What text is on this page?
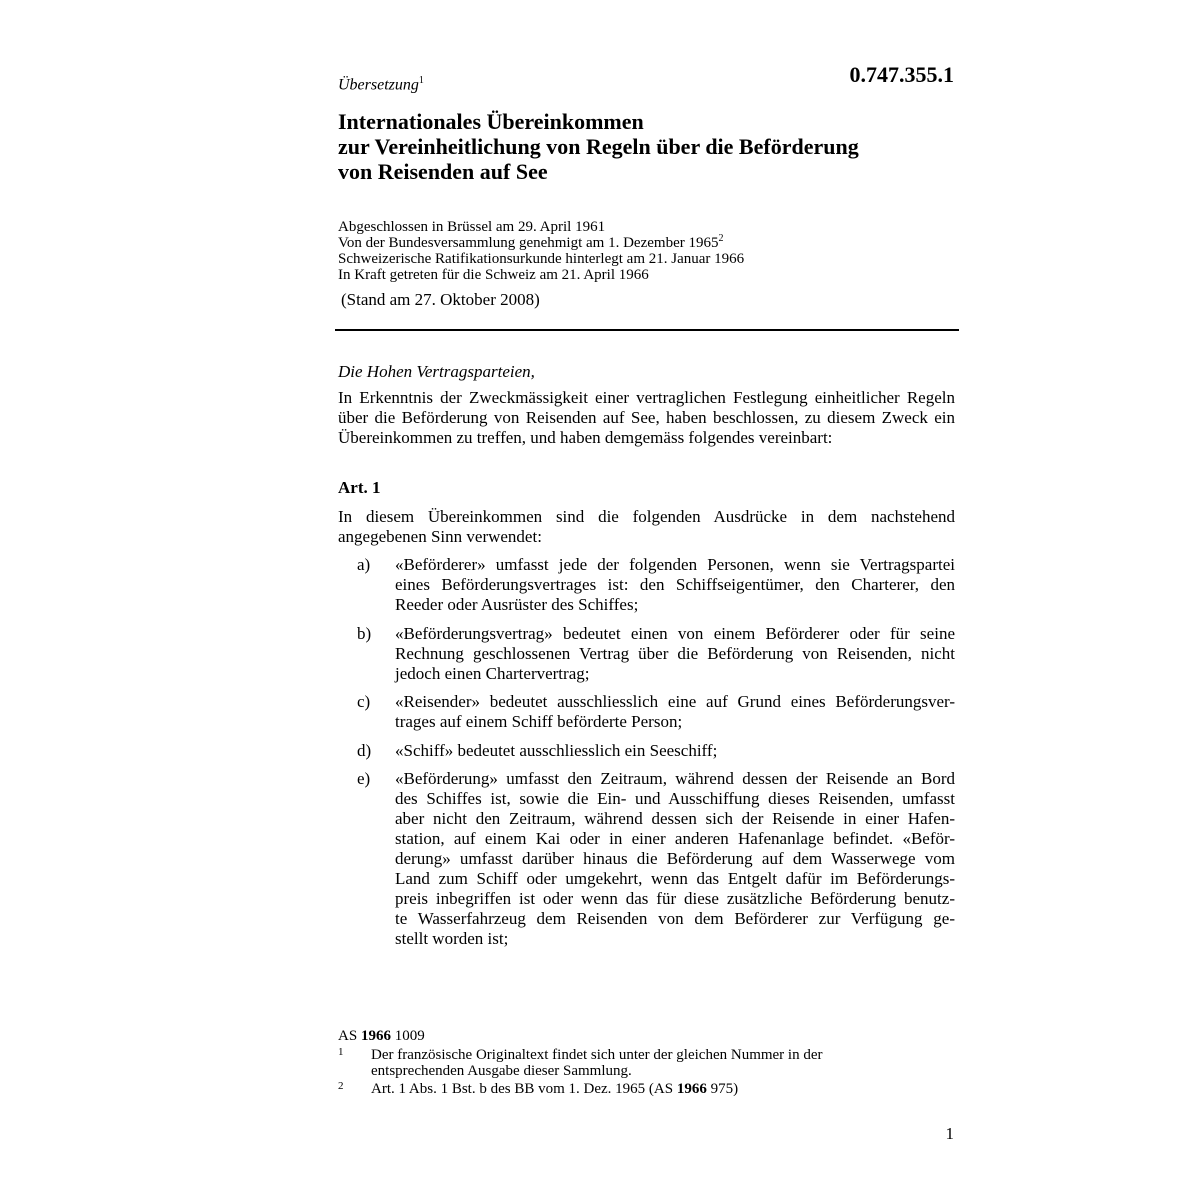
Übersetzung$^1$	0.747.355.1
Internationales Übereinkommen
zur Vereinheitlichung von Regeln über die Beförderung
von Reisenden auf See
Abgeschlossen in Brüssel am 29. April 1961
Von der Bundesversammlung genehmigt am 1. Dezember 1965$^2$
Schweizerische Ratifikationsurkunde hinterlegt am 21. Januar 1966
In Kraft getreten für die Schweiz am 21. April 1966
(Stand am 27. Oktober 2008)
Die Hohen Vertragsparteien,
In Erkenntnis der Zweckmässigkeit einer vertraglichen Festlegung einheitlicher Regeln über die Beförderung von Reisenden auf See, haben beschlossen, zu diesem Zweck ein Übereinkommen zu treffen, und haben demgemäss folgendes vereinbart:
Art. 1
In diesem Übereinkommen sind die folgenden Ausdrücke in dem nachstehend angegebenen Sinn verwendet:
a) «Beförderer» umfasst jede der folgenden Personen, wenn sie Vertragspartei
eines Beförderungsvertrages ist: den Schiffseigentümer, den Charterer, den
Reeder oder Ausrüster des Schiffes;
b) «Beförderungsvertrag» bedeutet einen von einem Beförderer oder für seine
Rechnung geschlossenen Vertrag über die Beförderung von Reisenden, nicht
jedoch einen Chartervertrag;
c) «Reisender» bedeutet ausschliesslich eine auf Grund eines Beförderungsver-
trages auf einem Schiff beförderte Person;
d) «Schiff» bedeutet ausschliesslich ein Seeschiff;
e) «Beförderung» umfasst den Zeitraum, während dessen der Reisende an Bord
des Schiffes ist, sowie die Ein- und Ausschiffung dieses Reisenden, umfasst
aber nicht den Zeitraum, während dessen sich der Reisende in einer Hafen-
station, auf einem Kai oder in einer anderen Hafenanlage befindet. «Beför-
derung» umfasst darüber hinaus die Beförderung auf dem Wasserwege vom
Land zum Schiff oder umgekehrt, wenn das Entgelt dafür im Beförderungs-
preis inbegriffen ist oder wenn das für diese zusätzliche Beförderung benutz-
te Wasserfahrzeug dem Reisenden von dem Beförderer zur Verfügung ge-
stellt worden ist;
AS 1966 1009
1 Der französische Originaltext findet sich unter der gleichen Nummer in der
entsprechenden Ausgabe dieser Sammlung.
2 Art. 1 Abs. 1 Bst. b des BB vom 1. Dez. 1965 (AS 1966 975)
1
